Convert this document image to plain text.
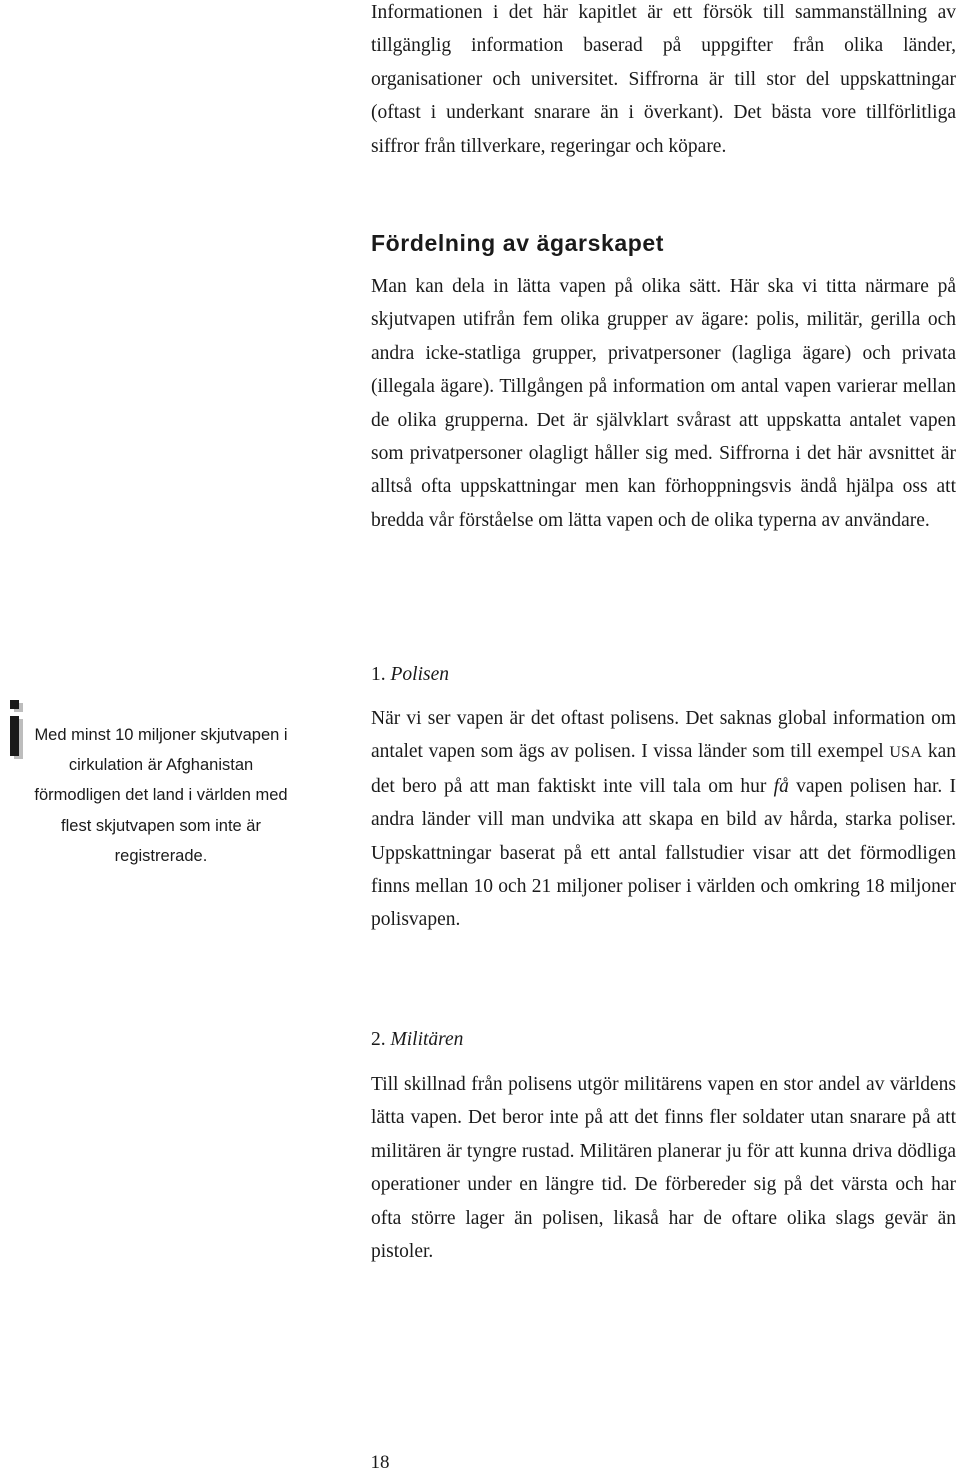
Informationen i det här kapitlet är ett försök till sammanställning av tillgänglig information baserad på uppgifter från olika länder, organisationer och universitet. Siffrorna är till stor del uppskattningar (oftast i underkant snarare än i överkant). Det bästa vore tillförlitliga siffror från tillverkare, regeringar och köpare.
Fördelning av ägarskapet
Man kan dela in lätta vapen på olika sätt. Här ska vi titta närmare på skjutvapen utifrån fem olika grupper av ägare: polis, militär, gerilla och andra icke-statliga grupper, privatpersoner (lagliga ägare) och privata (illegala ägare). Tillgången på information om antal vapen varierar mellan de olika grupperna. Det är självklart svårast att uppskatta antalet vapen som privatpersoner olagligt håller sig med. Siffrorna i det här avsnittet är alltså ofta uppskattningar men kan förhoppningsvis ändå hjälpa oss att bredda vår förståelse om lätta vapen och de olika typerna av användare.
Med minst 10 miljoner skjutvapen i cirkulation är Afghanistan förmodligen det land i världen med flest skjutvapen som inte är registrerade.
1. Polisen
När vi ser vapen är det oftast polisens. Det saknas global information om antalet vapen som ägs av polisen. I vissa länder som till exempel USA kan det bero på att man faktiskt inte vill tala om hur få vapen polisen har. I andra länder vill man undvika att skapa en bild av hårda, starka poliser. Uppskattningar baserat på ett antal fallstudier visar att det förmodligen finns mellan 10 och 21 miljoner poliser i världen och omkring 18 miljoner polisvapen.
2. Militären
Till skillnad från polisens utgör militärens vapen en stor andel av världens lätta vapen. Det beror inte på att det finns fler soldater utan snarare på att militären är tyngre rustad. Militären planerar ju för att kunna driva dödliga operationer under en längre tid. De förbereder sig på det värsta och har ofta större lager än polisen, likaså har de oftare olika slags gevär än pistoler.
18
